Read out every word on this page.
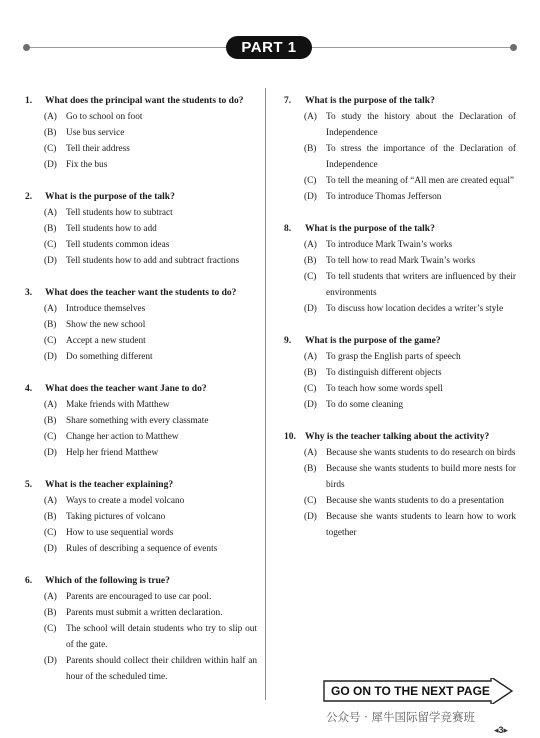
PART 1
1.	What does the principal want the students to do?
(A) Go to school on foot
(B)	Use bus service
(C)	Tell their address
(D) Fix the bus
2.	What is the purpose of the talk?
(A) Tell students how to subtract
(B)	Tell students how to add
(C)	Tell students common ideas
(D) Tell students how to add and subtract fractions
3.	What does the teacher want the students to do?
(A) Introduce themselves
(B)	Show the new school
(C)	Accept a new student
(D) Do something different
4.	What does the teacher want Jane to do?
(A) Make friends with Matthew
(B)	Share something with every classmate
(C)	Change her action to Matthew
(D) Help her friend Matthew
5.	What is the teacher explaining?
(A) Ways to create a model volcano
(B)	Taking pictures of volcano
(C)	How to use sequential words
(D) Rules of describing a sequence of events
6.	Which of the following is true?
(A) Parents are encouraged to use car pool.
(B)	Parents must submit a written declaration.
(C)	The school will detain students who try to slip out of the gate.
(D) Parents should collect their children within half an hour of the scheduled time.
7.	What is the purpose of the talk?
(A) To study the history about the Declaration of Independence
(B)	To stress the importance of the Declaration of Independence
(C)	To tell the meaning of “All men are created equal”
(D) To introduce Thomas Jefferson
8.	What is the purpose of the talk?
(A) To introduce Mark Twain’s works
(B)	To tell how to read Mark Twain’s works
(C)	To tell students that writers are influenced by their environments
(D) To discuss how location decides a writer’s style
9.	What is the purpose of the game?
(A) To grasp the English parts of speech
(B)	To distinguish different objects
(C)	To teach how some words spell
(D) To do some cleaning
10. Why is the teacher talking about the activity?
(A) Because she wants students to do research on birds
(B)	Because she wants students to build more nests for birds
(C)	Because she wants students to do a presentation
(D) Because she wants students to learn how to work together
GO ON TO THE NEXT PAGE
公众号 · 犀牛国际留学竞赛班
◂3▸
